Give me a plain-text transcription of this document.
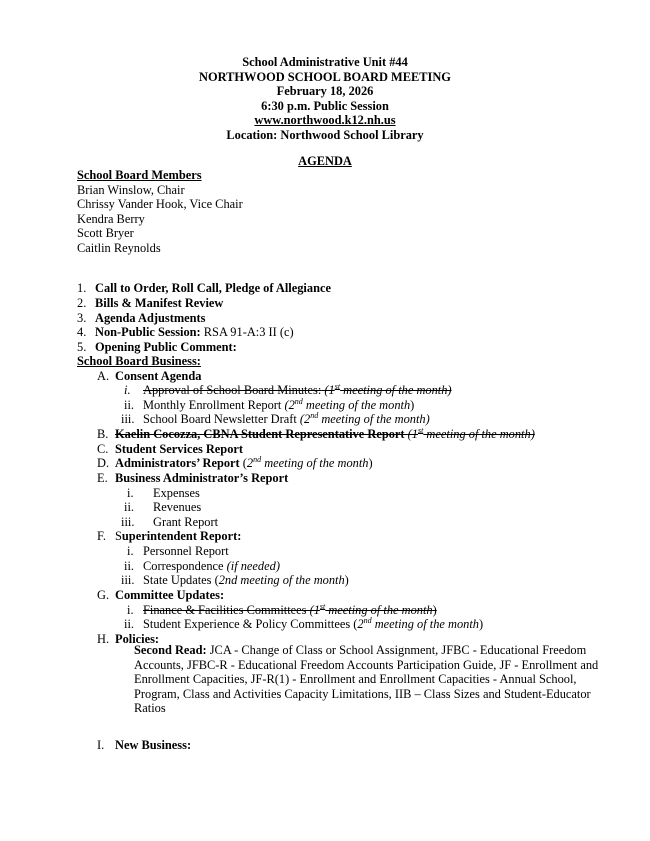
School Administrative Unit #44
NORTHWOOD SCHOOL BOARD MEETING
February 18, 2026
6:30 p.m. Public Session
www.northwood.k12.nh.us
Location: Northwood School Library
AGENDA
School Board Members
Brian Winslow, Chair
Chrissy Vander Hook, Vice Chair
Kendra Berry
Scott Bryer
Caitlin Reynolds
1. Call to Order, Roll Call, Pledge of Allegiance
2. Bills & Manifest Review
3. Agenda Adjustments
4. Non-Public Session: RSA 91-A:3 II (c)
5. Opening Public Comment:
School Board Business:
A. Consent Agenda
i. Approval of School Board Minutes: (1st meeting of the month)
ii. Monthly Enrollment Report (2nd meeting of the month)
iii. School Board Newsletter Draft (2nd meeting of the month)
B. Kaelin Cocozza, CBNA Student Representative Report (1st meeting of the month)
C. Student Services Report
D. Administrators’ Report (2nd meeting of the month)
E. Business Administrator’s Report
i. Expenses
ii. Revenues
iii. Grant Report
F. Superintendent Report:
i. Personnel Report
ii. Correspondence (if needed)
iii. State Updates (2nd meeting of the month)
G. Committee Updates:
i. Finance & Facilities Committees (1st meeting of the month)
ii. Student Experience & Policy Committees (2nd meeting of the month)
H. Policies:
Second Read: JCA - Change of Class or School Assignment, JFBC - Educational Freedom Accounts, JFBC-R - Educational Freedom Accounts Participation Guide, JF - Enrollment and Enrollment Capacities, JF-R(1) - Enrollment and Enrollment Capacities - Annual School, Program, Class and Activities Capacity Limitations, IIB – Class Sizes and Student-Educator Ratios
I. New Business:
